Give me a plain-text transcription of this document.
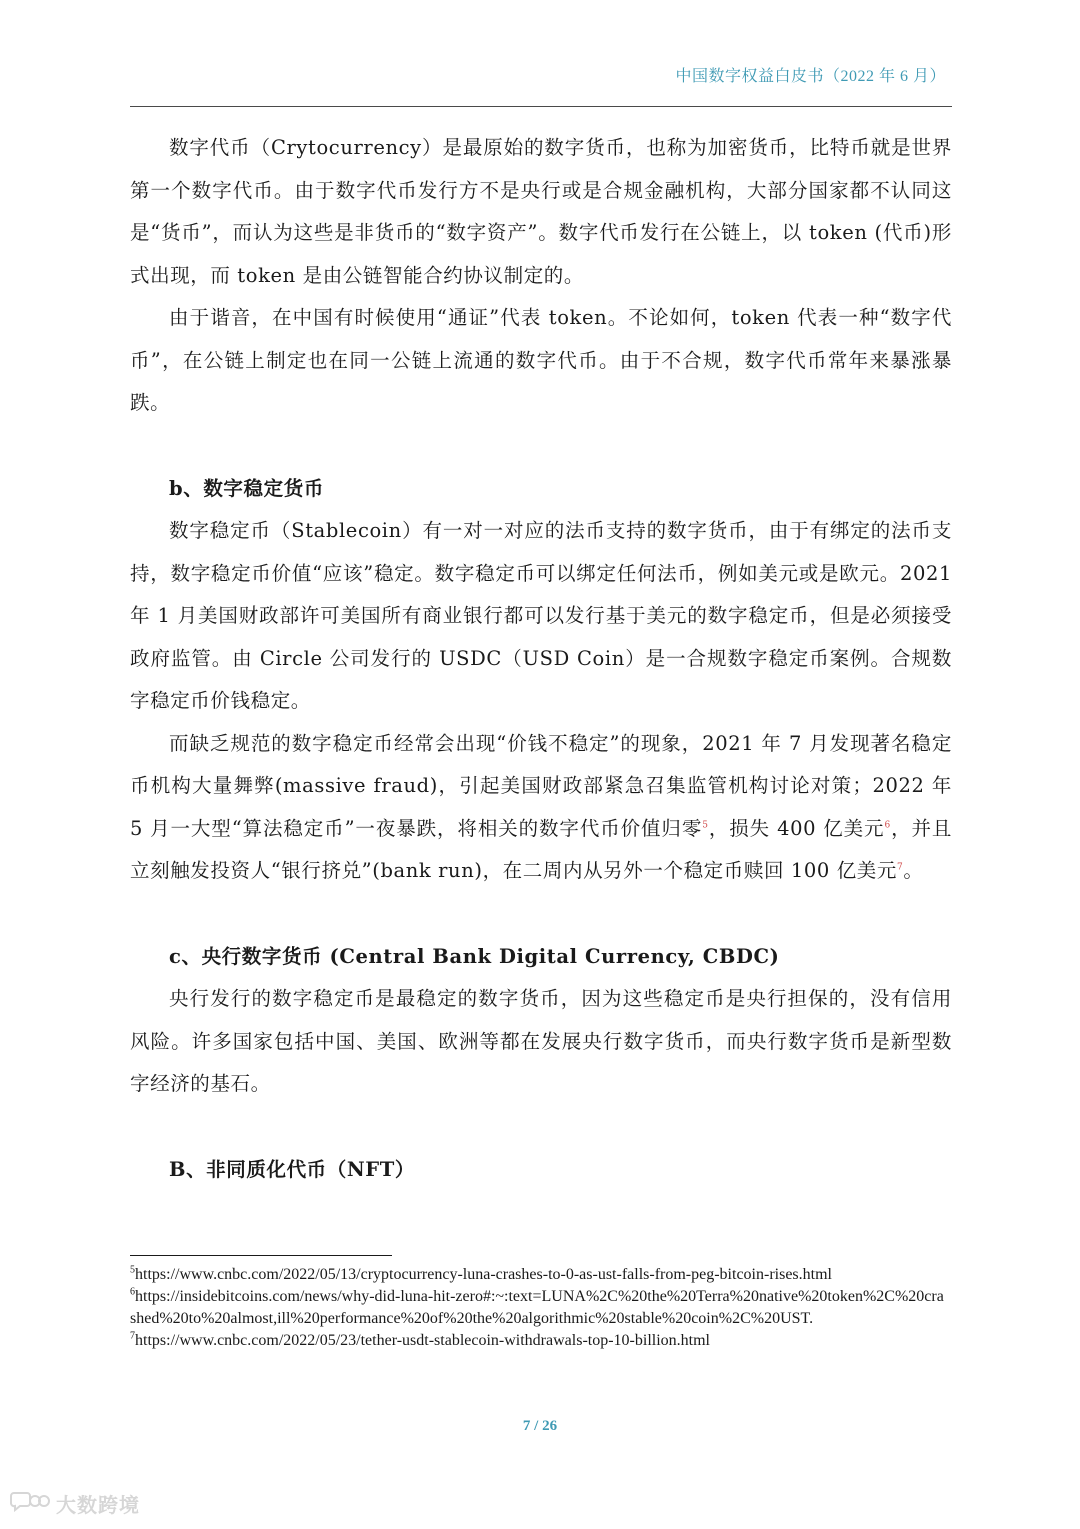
中国数字权益白皮书（2022 年 6 月）

数字代币（Crytocurrency）是最原始的数字货币，也称为加密货币，比特币就是世界第一个数字代币。由于数字代币发行方不是央行或是合规金融机构，大部分国家都不认同这是“货币”，而认为这些是非货币的“数字资产”。数字代币发行在公链上，以 token (代币)形式出现，而 token 是由公链智能合约协议制定的。

由于谐音，在中国有时候使用“通证”代表 token。不论如何，token 代表一种“数字代币”，在公链上制定也在同一公链上流通的数字代币。由于不合规，数字代币常年来暴涨暴跌。

b、数字稳定货币

数字稳定币（Stablecoin）有一对一对应的法币支持的数字货币，由于有绑定的法币支持，数字稳定币价值“应该”稳定。数字稳定币可以绑定任何法币，例如美元或是欧元。2021 年 1 月美国财政部许可美国所有商业银行都可以发行基于美元的数字稳定币，但是必须接受政府监管。由 Circle 公司发行的 USDC（USD Coin）是一合规数字稳定币案例。合规数字稳定币价钱稳定。

而缺乏规范的数字稳定币经常会出现“价钱不稳定”的现象，2021 年 7 月发现著名稳定币机构大量舞弊(massive fraud)，引起美国财政部紧急召集监管机构讨论对策；2022 年 5 月一大型“算法稳定币”一夜暴跌，将相关的数字代币价值归零$^5$，损失 400 亿美元$^6$，并且立刻触发投资人“银行挤兑”(bank run)，在二周内从另外一个稳定币赎回 100 亿美元$^7$。

c、央行数字货币 (Central Bank Digital Currency, CBDC)

央行发行的数字稳定币是最稳定的数字货币，因为这些稳定币是央行担保的，没有信用风险。许多国家包括中国、美国、欧洲等都在发展央行数字货币，而央行数字货币是新型数字经济的基石。

B、非同质化代币（NFT）
$^5$https://www.cnbc.com/2022/05/13/cryptocurrency-luna-crashes-to-0-as-ust-falls-from-peg-bitcoin-rises.html
$^6$https://insidebitcoins.com/news/why-did-luna-hit-zero#:~:text=LUNA%2C%20the%20Terra%20native%20token%2C%20crashed%20to%20almost,ill%20performance%20of%20the%20algorithmic%20stable%20coin%2C%20UST.
$^7$https://www.cnbc.com/2022/05/23/tether-usdt-stablecoin-withdrawals-top-10-billion.html
7 / 26
大数跨境
